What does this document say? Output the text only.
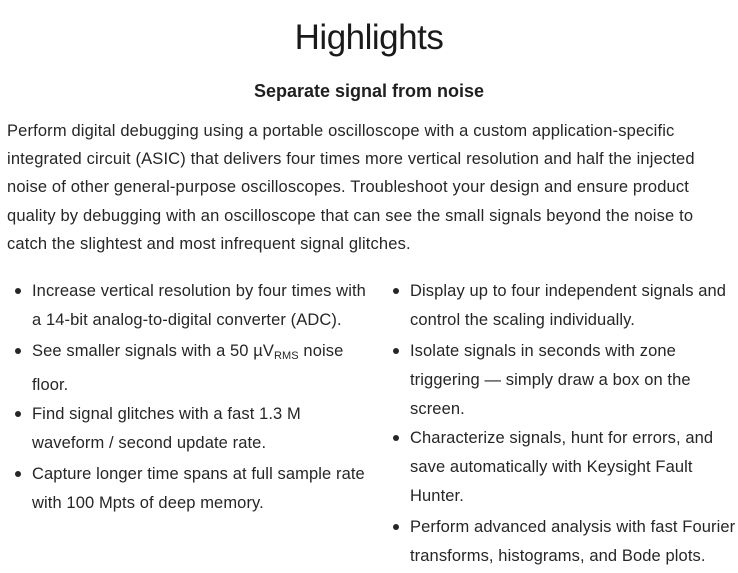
Highlights
Separate signal from noise

Perform digital debugging using a portable oscilloscope with a custom application-specific integrated circuit (ASIC) that delivers four times more vertical resolution and half the injected noise of other general-purpose oscilloscopes. Troubleshoot your design and ensure product quality by debugging with an oscilloscope that can see the small signals beyond the noise to catch the slightest and most infrequent signal glitches.

Increase vertical resolution by four times with a 14-bit analog-to-digital converter (ADC).
See smaller signals with a 50 µV$_{RMS}$ noise floor.
Find signal glitches with a fast 1.3 M waveform / second update rate.
Capture longer time spans at full sample rate with 100 Mpts of deep memory.
Display up to four independent signals and control the scaling individually.
Isolate signals in seconds with zone triggering — simply draw a box on the screen.
Characterize signals, hunt for errors, and save automatically with Keysight Fault Hunter.
Perform advanced analysis with fast Fourier transforms, histograms, and Bode plots.
